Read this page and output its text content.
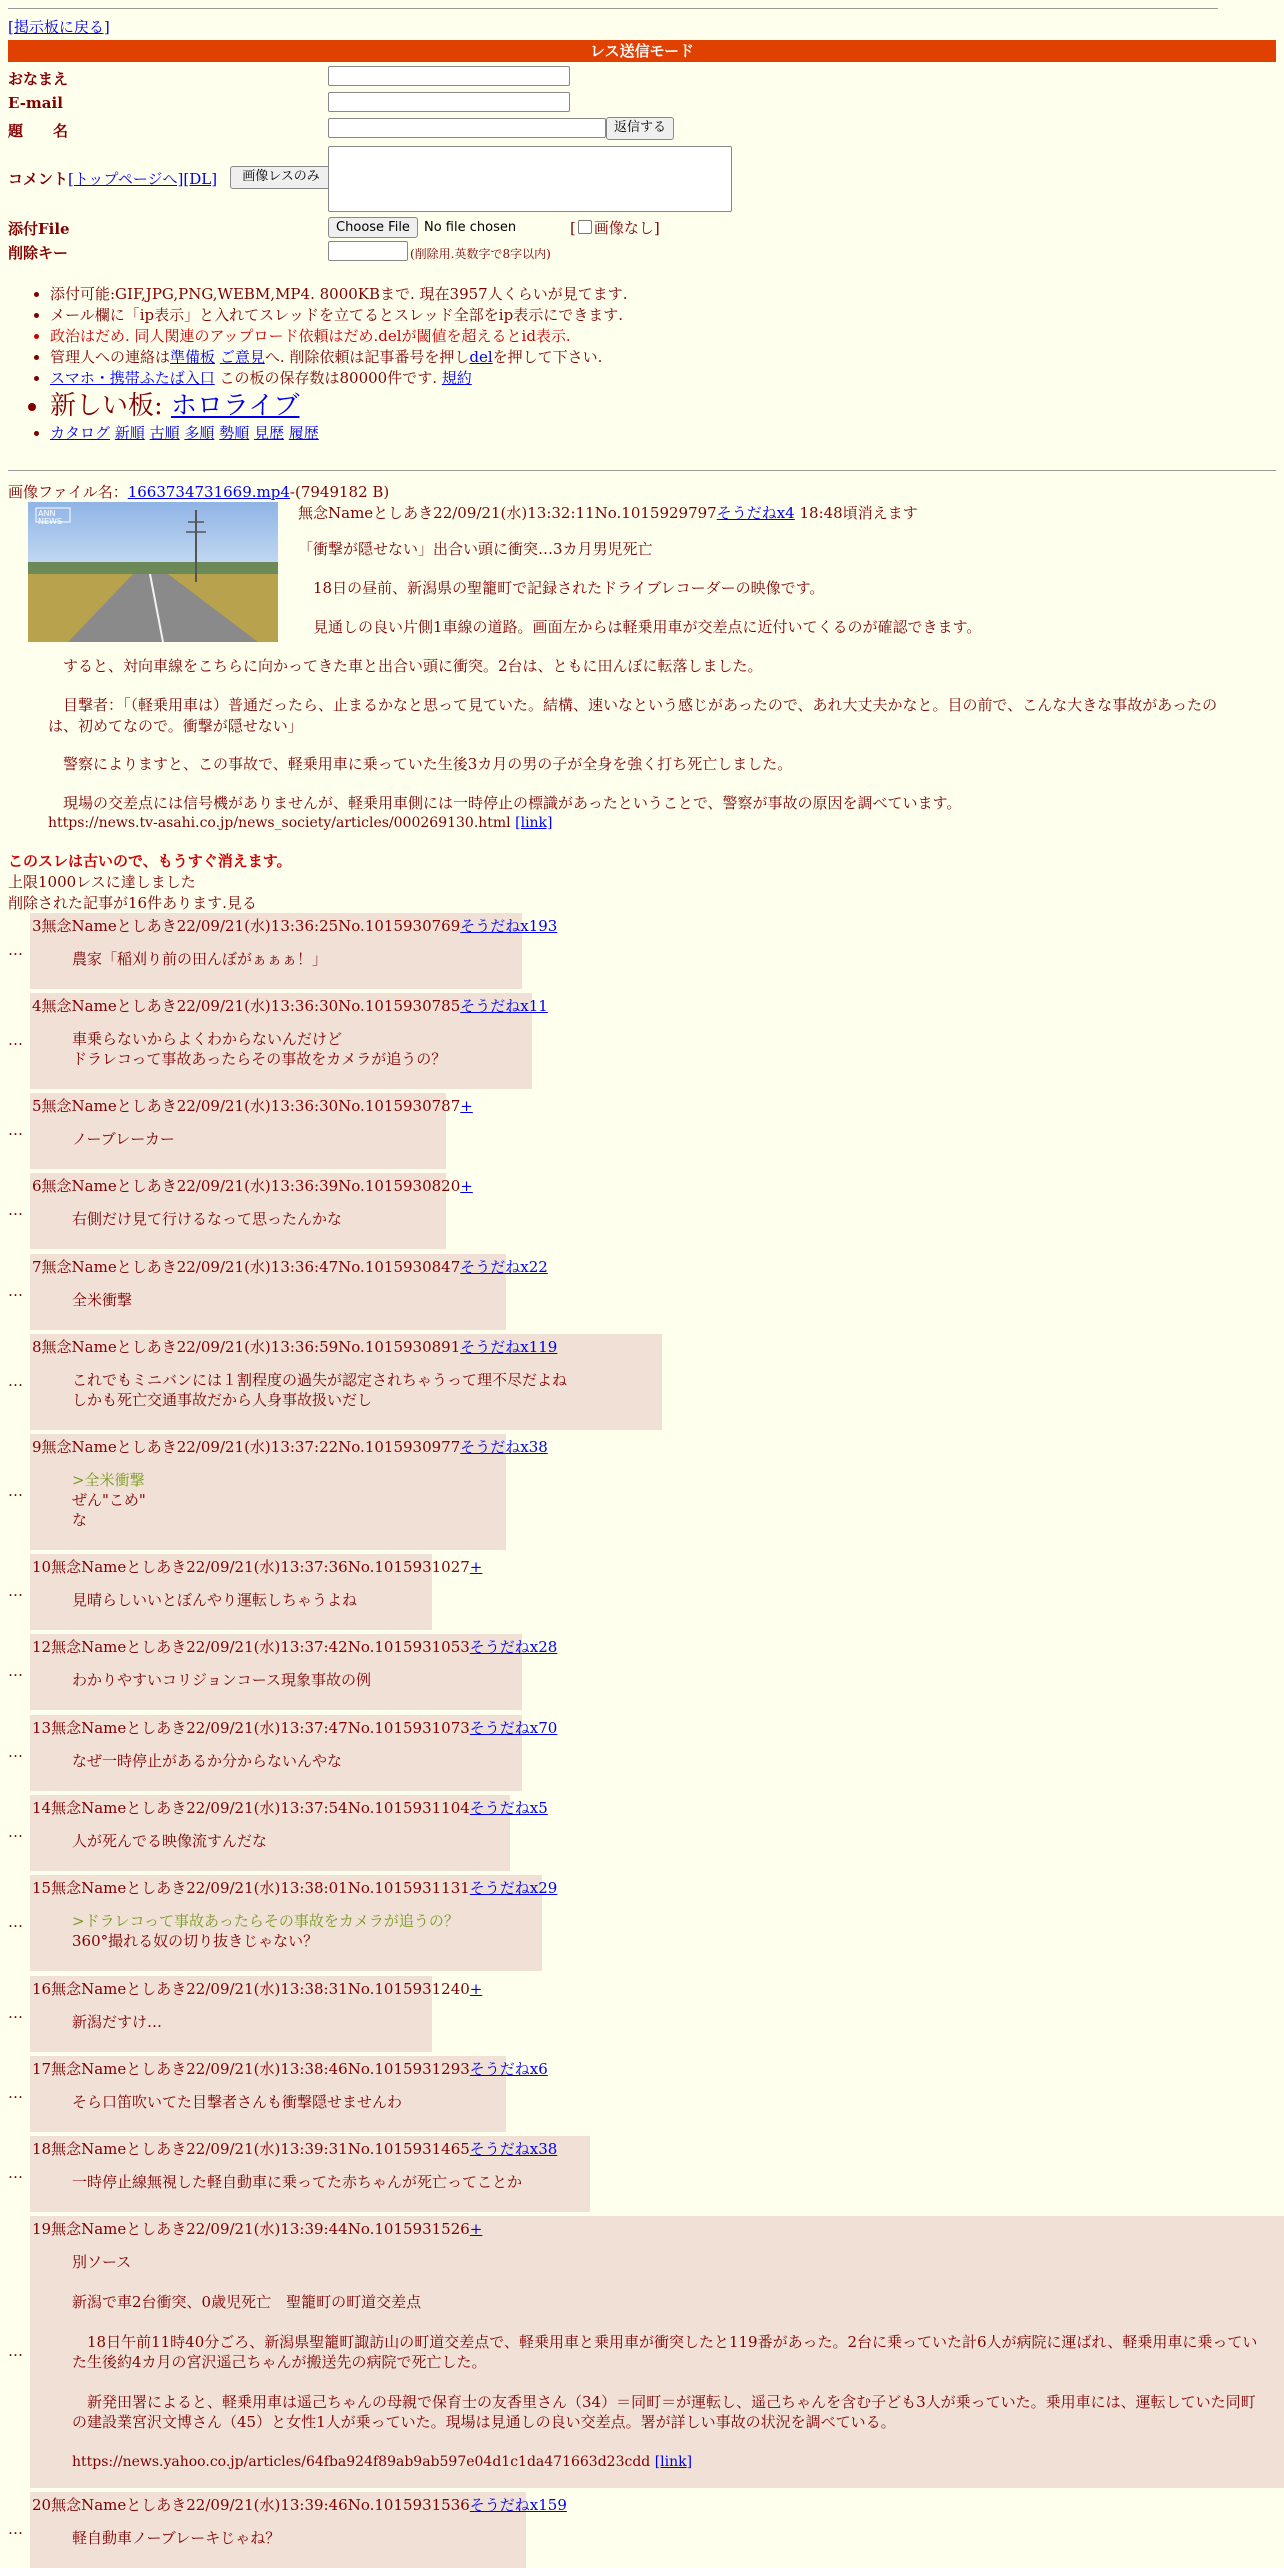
[掲示板に戻る]
レス送信モード
おなまえ
E-mail
題　　名	返信する
コメント[トップページへ][DL]	画像レスのみ
添付File	Choose File	No file chosen	[ 画像なし]
削除キー	(削除用.英数字で8字以内)
• 添付可能:GIF,JPG,PNG,WEBM,MP4. 8000KBまで. 現在3957人くらいが見てます.
• メール欄に「ip表示」と入れてスレッドを立てるとスレッド全部をip表示にできます.
• 政治はだめ. 同人関連のアップロード依頼はだめ.delが閾値を超えるとid表示.
• 管理人への連絡は準備板 ご意見へ. 削除依頼は記事番号を押しdelを押して下さい.
• スマホ・携帯ふたば入口 この板の保存数は80000件です. 規約
• 新しい板: ホロライブ
• カタログ 新順 古順 多順 勢順 見歴 履歴
画像ファイル名：1663734731669.mp4-(7949182 B)
ANN NEWS	無念Nameとしあき22/09/21(水)13:32:11No.1015929797そうだねx4 18:48頃消えます

「衝撃が隠せない」出合い頭に衝突…3カ月男児死亡

　18日の昼前、新潟県の聖籠町で記録されたドライブレコーダーの映像です。

　見通しの良い片側1車線の道路。画面左からは軽乗用車が交差点に近付いてくるのが確認できます。

　すると、対向車線をこちらに向かってきた車と出合い頭に衝突。2台は、ともに田んぼに転落しました。

　目撃者：「（軽乗用車は）普通だったら、止まるかなと思って見ていた。結構、速いなという感じがあったので、あれ大丈夫かなと。目の前で、こんな大きな事故があったのは、初めてなので。衝撃が隠せない」

　警察によりますと、この事故で、軽乗用車に乗っていた生後3カ月の男の子が全身を強く打ち死亡しました。

　現場の交差点には信号機がありませんが、軽乗用車側には一時停止の標識があったということで、警察が事故の原因を調べています。

https://news.tv-asahi.co.jp/news_society/articles/000269130.html [link]

このスレは古いので、もうすぐ消えます。
上限1000レスに達しました
削除された記事が16件あります.見る
…
3無念Nameとしあき22/09/21(水)13:36:25No.1015930769そうだねx193

農家「稲刈り前の田んぼがぁぁぁ！」

…
4無念Nameとしあき22/09/21(水)13:36:30No.1015930785そうだねx11

車乗らないからよくわからないんだけど

ドラレコって事故あったらその事故をカメラが追うの？

…
5無念Nameとしあき22/09/21(水)13:36:30No.1015930787+

ノーブレーカー

…
6無念Nameとしあき22/09/21(水)13:36:39No.1015930820+

右側だけ見て行けるなって思ったんかな

…
7無念Nameとしあき22/09/21(水)13:36:47No.1015930847そうだねx22

全米衝撃

…
8無念Nameとしあき22/09/21(水)13:36:59No.1015930891そうだねx119

これでもミニバンには１割程度の過失が認定されちゃうって理不尽だよね

しかも死亡交通事故だから人身事故扱いだし

…
9無念Nameとしあき22/09/21(水)13:37:22No.1015930977そうだねx38

>全米衝撃

ぜん"こめ"

な

…
10無念Nameとしあき22/09/21(水)13:37:36No.1015931027+

見晴らしいいとぼんやり運転しちゃうよね

…
12無念Nameとしあき22/09/21(水)13:37:42No.1015931053そうだねx28

わかりやすいコリジョンコース現象事故の例

…
13無念Nameとしあき22/09/21(水)13:37:47No.1015931073そうだねx70

なぜ一時停止があるか分からないんやな

…
14無念Nameとしあき22/09/21(水)13:37:54No.1015931104そうだねx5

人が死んでる映像流すんだな

…
15無念Nameとしあき22/09/21(水)13:38:01No.1015931131そうだねx29

>ドラレコって事故あったらその事故をカメラが追うの？

360°撮れる奴の切り抜きじゃない？

…
16無念Nameとしあき22/09/21(水)13:38:31No.1015931240+

新潟だすけ…

…
17無念Nameとしあき22/09/21(水)13:38:46No.1015931293そうだねx6

そら口笛吹いてた目撃者さんも衝撃隠せませんわ

…
18無念Nameとしあき22/09/21(水)13:39:31No.1015931465そうだねx38

一時停止線無視した軽自動車に乗ってた赤ちゃんが死亡ってことか

…
19無念Nameとしあき22/09/21(水)13:39:44No.1015931526+

別ソース

新潟で車2台衝突、0歳児死亡　聖籠町の町道交差点

　18日午前11時40分ごろ、新潟県聖籠町諏訪山の町道交差点で、軽乗用車と乗用車が衝突したと119番があった。2台に乗っていた計6人が病院に運ばれ、軽乗用車に乗っていた生後約4カ月の宮沢遥己ちゃんが搬送先の病院で死亡した。

　新発田署によると、軽乗用車は遥己ちゃんの母親で保育士の友香里さん（34）＝同町＝が運転し、遥己ちゃんを含む子ども3人が乗っていた。乗用車には、運転していた同町の建設業宮沢文博さん（45）と女性1人が乗っていた。現場は見通しの良い交差点。署が詳しい事故の状況を調べている。

https://news.yahoo.co.jp/articles/64fba924f89ab9ab597e04d1c1da471663d23cdd [link]

…
20無念Nameとしあき22/09/21(水)13:39:46No.1015931536そうだねx159

軽自動車ノーブレーキじゃね？
